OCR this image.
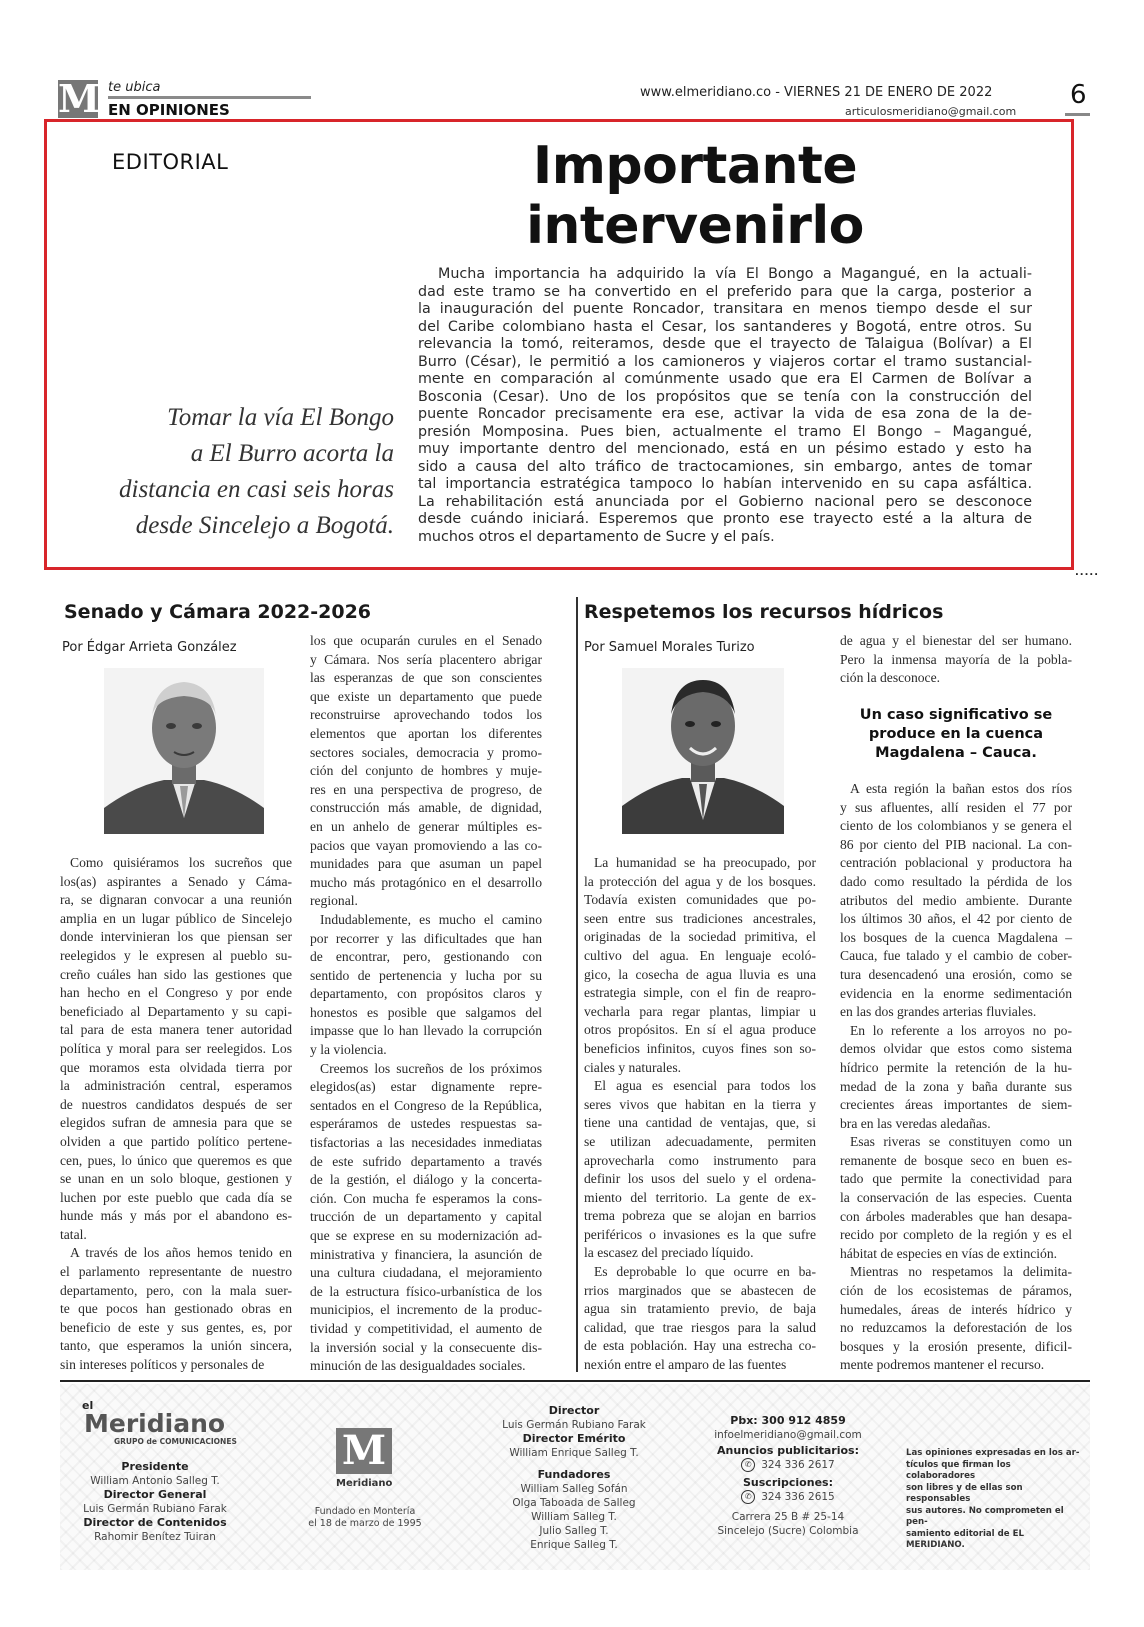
M te ubica
EN OPINIONES
www.elmeridiano.co - VIERNES 21 DE ENERO DE 2022	6
articulosmeridiano@gmail.com
EDITORIAL	Importante
intervenirlo
Tomar la vía El Bongo
a El Burro acorta la
distancia en casi seis horas
desde Sincelejo a Bogotá.
Mucha importancia ha adquirido la vía El Bongo a Magangué, en la actuali-
dad este tramo se ha convertido en el preferido para que la carga, posterior a
la inauguración del puente Roncador, transitara en menos tiempo desde el sur
del Caribe colombiano hasta el Cesar, los santanderes y Bogotá, entre otros. Su
relevancia la tomó, reiteramos, desde que el trayecto de Talaigua (Bolívar) a El
Burro (César), le permitió a los camioneros y viajeros cortar el tramo sustancial-
mente en comparación al comúnmente usado que era El Carmen de Bolívar a
Bosconia (Cesar). Uno de los propósitos que se tenía con la construcción del
puente Roncador precisamente era ese, activar la vida de esa zona de la de-
presión Momposina. Pues bien, actualmente el tramo El Bongo – Magangué,
muy importante dentro del mencionado, está en un pésimo estado y esto ha
sido a causa del alto tráfico de tractocamiones, sin embargo, antes de tomar
tal importancia estratégica tampoco lo habían intervenido en su capa asfáltica.
La rehabilitación está anunciada por el Gobierno nacional pero se desconoce
desde cuándo iniciará. Esperemos que pronto ese trayecto esté a la altura de
muchos otros el departamento de Sucre y el país.
.....
Senado y Cámara 2022-2026
Por Édgar Arrieta González
Como quisiéramos los sucreños que
los(as) aspirantes a Senado y Cáma-
ra, se dignaran convocar a una reunión
amplia en un lugar público de Sincelejo
donde intervinieran los que piensan ser
reelegidos y le expresen al pueblo su-
creño cuáles han sido las gestiones que
han hecho en el Congreso y por ende
beneficiado al Departamento y su capi-
tal para de esta manera tener autoridad
política y moral para ser reelegidos. Los
que moramos esta olvidada tierra por
la administración central, esperamos
de nuestros candidatos después de ser
elegidos sufran de amnesia para que se
olviden a que partido político pertene-
cen, pues, lo único que queremos es que
se unan en un solo bloque, gestionen y
luchen por este pueblo que cada día se
hunde más y más por el abandono es-
tatal.
A través de los años hemos tenido en
el parlamento representante de nuestro
departamento, pero, con la mala suer-
te que pocos han gestionado obras en
beneficio de este y sus gentes, es, por
tanto, que esperamos la unión sincera,
sin intereses políticos y personales de
los que ocuparán curules en el Senado
y Cámara. Nos sería placentero abrigar
las esperanzas de que son conscientes
que existe un departamento que puede
reconstruirse aprovechando todos los
elementos que aportan los diferentes
sectores sociales, democracia y promo-
ción del conjunto de hombres y muje-
res en una perspectiva de progreso, de
construcción más amable, de dignidad,
en un anhelo de generar múltiples es-
pacios que vayan promoviendo a las co-
munidades para que asuman un papel
mucho más protagónico en el desarrollo
regional.
Indudablemente, es mucho el camino
por recorrer y las dificultades que han
de encontrar, pero, gestionando con
sentido de pertenencia y lucha por su
departamento, con propósitos claros y
honestos es posible que salgamos del
impasse que lo han llevado la corrupción
y la violencia.
Creemos los sucreños de los próximos
elegidos(as) estar dignamente repre-
sentados en el Congreso de la República,
esperáramos de ustedes respuestas sa-
tisfactorias a las necesidades inmediatas
de este sufrido departamento a través
de la gestión, el diálogo y la concerta-
ción. Con mucha fe esperamos la cons-
trucción de un departamento y capital
que se exprese en su modernización ad-
ministrativa y financiera, la asunción de
una cultura ciudadana, el mejoramiento
de la estructura físico-urbanística de los
municipios, el incremento de la produc-
tividad y competitividad, el aumento de
la inversión social y la consecuente dis-
minución de las desigualdades sociales.
Respetemos los recursos hídricos
Por Samuel Morales Turizo
La humanidad se ha preocupado, por
la protección del agua y de los bosques.
Todavía existen comunidades que po-
seen entre sus tradiciones ancestrales,
originadas de la sociedad primitiva, el
cultivo del agua. En lenguaje ecoló-
gico, la cosecha de agua lluvia es una
estrategia simple, con el fin de reapro-
vecharla para regar plantas, limpiar u
otros propósitos. En sí el agua produce
beneficios infinitos, cuyos fines son so-
ciales y naturales.
El agua es esencial para todos los
seres vivos que habitan en la tierra y
tiene una cantidad de ventajas, que, si
se utilizan adecuadamente, permiten
aprovecharla como instrumento para
definir los usos del suelo y el ordena-
miento del territorio. La gente de ex-
trema pobreza que se alojan en barrios
periféricos o invasiones es la que sufre
la escasez del preciado líquido.
Es deprobable lo que ocurre en ba-
rrios marginados que se abastecen de
agua sin tratamiento previo, de baja
calidad, que trae riesgos para la salud
de esta población. Hay una estrecha co-
nexión entre el amparo de las fuentes
de agua y el bienestar del ser humano.
Pero la inmensa mayoría de la pobla-
ción la desconoce.
Un caso significativo se
produce en la cuenca
Magdalena – Cauca.
A esta región la bañan estos dos ríos
y sus afluentes, allí residen el 77 por
ciento de los colombianos y se genera el
86 por ciento del PIB nacional. La con-
centración poblacional y productora ha
dado como resultado la pérdida de los
atributos del medio ambiente. Durante
los últimos 30 años, el 42 por ciento de
los bosques de la cuenca Magdalena –
Cauca, fue talado y el cambio de cober-
tura desencadenó una erosión, como se
evidencia en la enorme sedimentación
en las dos grandes arterias fluviales.
En lo referente a los arroyos no po-
demos olvidar que estos como sistema
hídrico permite la retención de la hu-
medad de la zona y baña durante sus
crecientes áreas importantes de siem-
bra en las veredas aledañas.
Esas riveras se constituyen como un
remanente de bosque seco en buen es-
tado que permite la conectividad para
la conservación de las especies. Cuenta
con árboles maderables que han desapa-
recido por completo de la región y es el
hábitat de especies en vías de extinción.
Mientras no respetamos la delimita-
ción de los ecosistemas de páramos,
humedales, áreas de interés hídrico y
no reduzcamos la deforestación de los
bosques y la erosión presente, dificil-
mente podremos mantener el recurso.
el
Meridiano
GRUPO de COMUNICACIONES
Presidente
William Antonio Salleg T.
Director General
Luis Germán Rubiano Farak
Director de Contenidos
Rahomir Benítez Tuiran
M
Meridiano
Fundado en Montería
el 18 de marzo de 1995
Director
Luis Germán Rubiano Farak
Director Emérito
William Enrique Salleg T.
Fundadores
William Salleg Sofán
Olga Taboada de Salleg
William Salleg T.
Julio Salleg T.
Enrique Salleg T.
Pbx: 300 912 4859
infoelmeridiano@gmail.com
Anuncios publicitarios:
✆ 324 336 2617
Suscripciones:
✆ 324 336 2615
Carrera 25 B # 25-14
Sincelejo (Sucre) Colombia
Las opiniones expresadas en los ar-
tículos que firman los colaboradores
son libres y de ellas son responsables
sus autores. No comprometen el pen-
samiento editorial de EL MERIDIANO.
